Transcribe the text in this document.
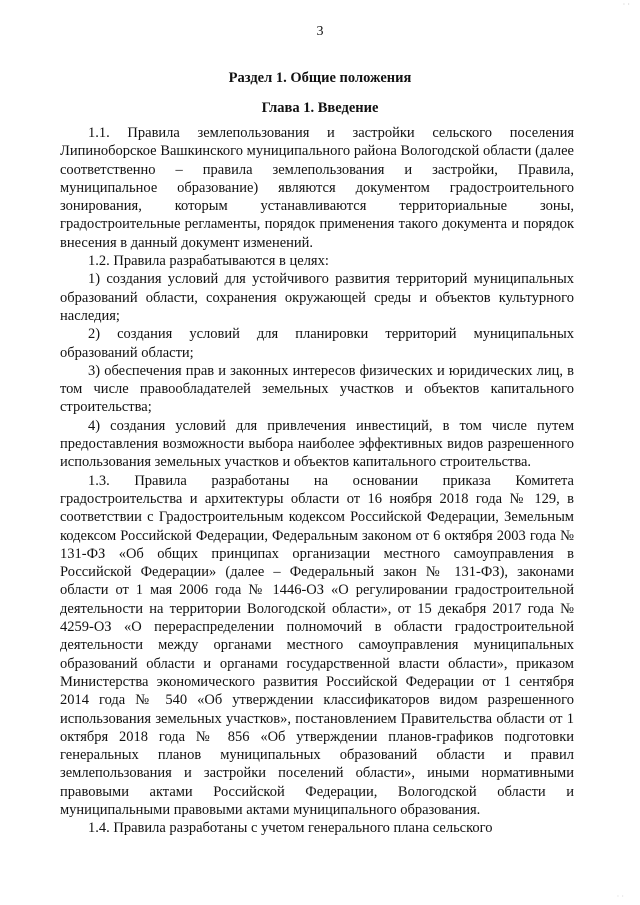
· ·
3
Раздел 1. Общие положения
Глава 1. Введение

1.1. Правила землепользования и застройки сельского поселения Липиноборское Вашкинского муниципального района Вологодской области (далее соответственно – правила землепользования и застройки, Правила, муниципальное образование) являются документом градостроительного зонирования, которым устанавливаются территориальные зоны, градостроительные регламенты, порядок применения такого документа и порядок внесения в данный документ изменений.

1.2. Правила разрабатываются в целях:

1) создания условий для устойчивого развития территорий муниципальных образований области, сохранения окружающей среды и объектов культурного наследия;

2) создания условий для планировки территорий муниципальных образований области;

3) обеспечения прав и законных интересов физических и юридических лиц, в том числе правообладателей земельных участков и объектов капитального строительства;

4) создания условий для привлечения инвестиций, в том числе путем предоставления возможности выбора наиболее эффективных видов разрешенного использования земельных участков и объектов капитального строительства.

1.3. Правила разработаны на основании приказа Комитета градостроительства и архитектуры области от 16 ноября 2018 года № 129, в соответствии с Градостроительным кодексом Российской Федерации, Земельным кодексом Российской Федерации, Федеральным законом от 6 октября 2003 года № 131-ФЗ «Об общих принципах организации местного самоуправления в Российской Федерации» (далее – Федеральный закон № 131-ФЗ), законами области от 1 мая 2006 года № 1446-ОЗ «О регулировании градостроительной деятельности на территории Вологодской области», от 15 декабря 2017 года № 4259-ОЗ «О перераспределении полномочий в области градостроительной деятельности между органами местного самоуправления муниципальных образований области и органами государственной власти области», приказом Министерства экономического развития Российской Федерации от 1 сентября 2014 года № 540 «Об утверждении классификаторов видом разрешенного использования земельных участков», постановлением Правительства области от 1 октября 2018 года № 856 «Об утверждении планов-графиков подготовки генеральных планов муниципальных образований области и правил землепользования и застройки поселений области», иными нормативными правовыми актами Российской Федерации, Вологодской области и муниципальными правовыми актами муниципального образования.

1.4. Правила разработаны с учетом генерального плана сельского

· ·
